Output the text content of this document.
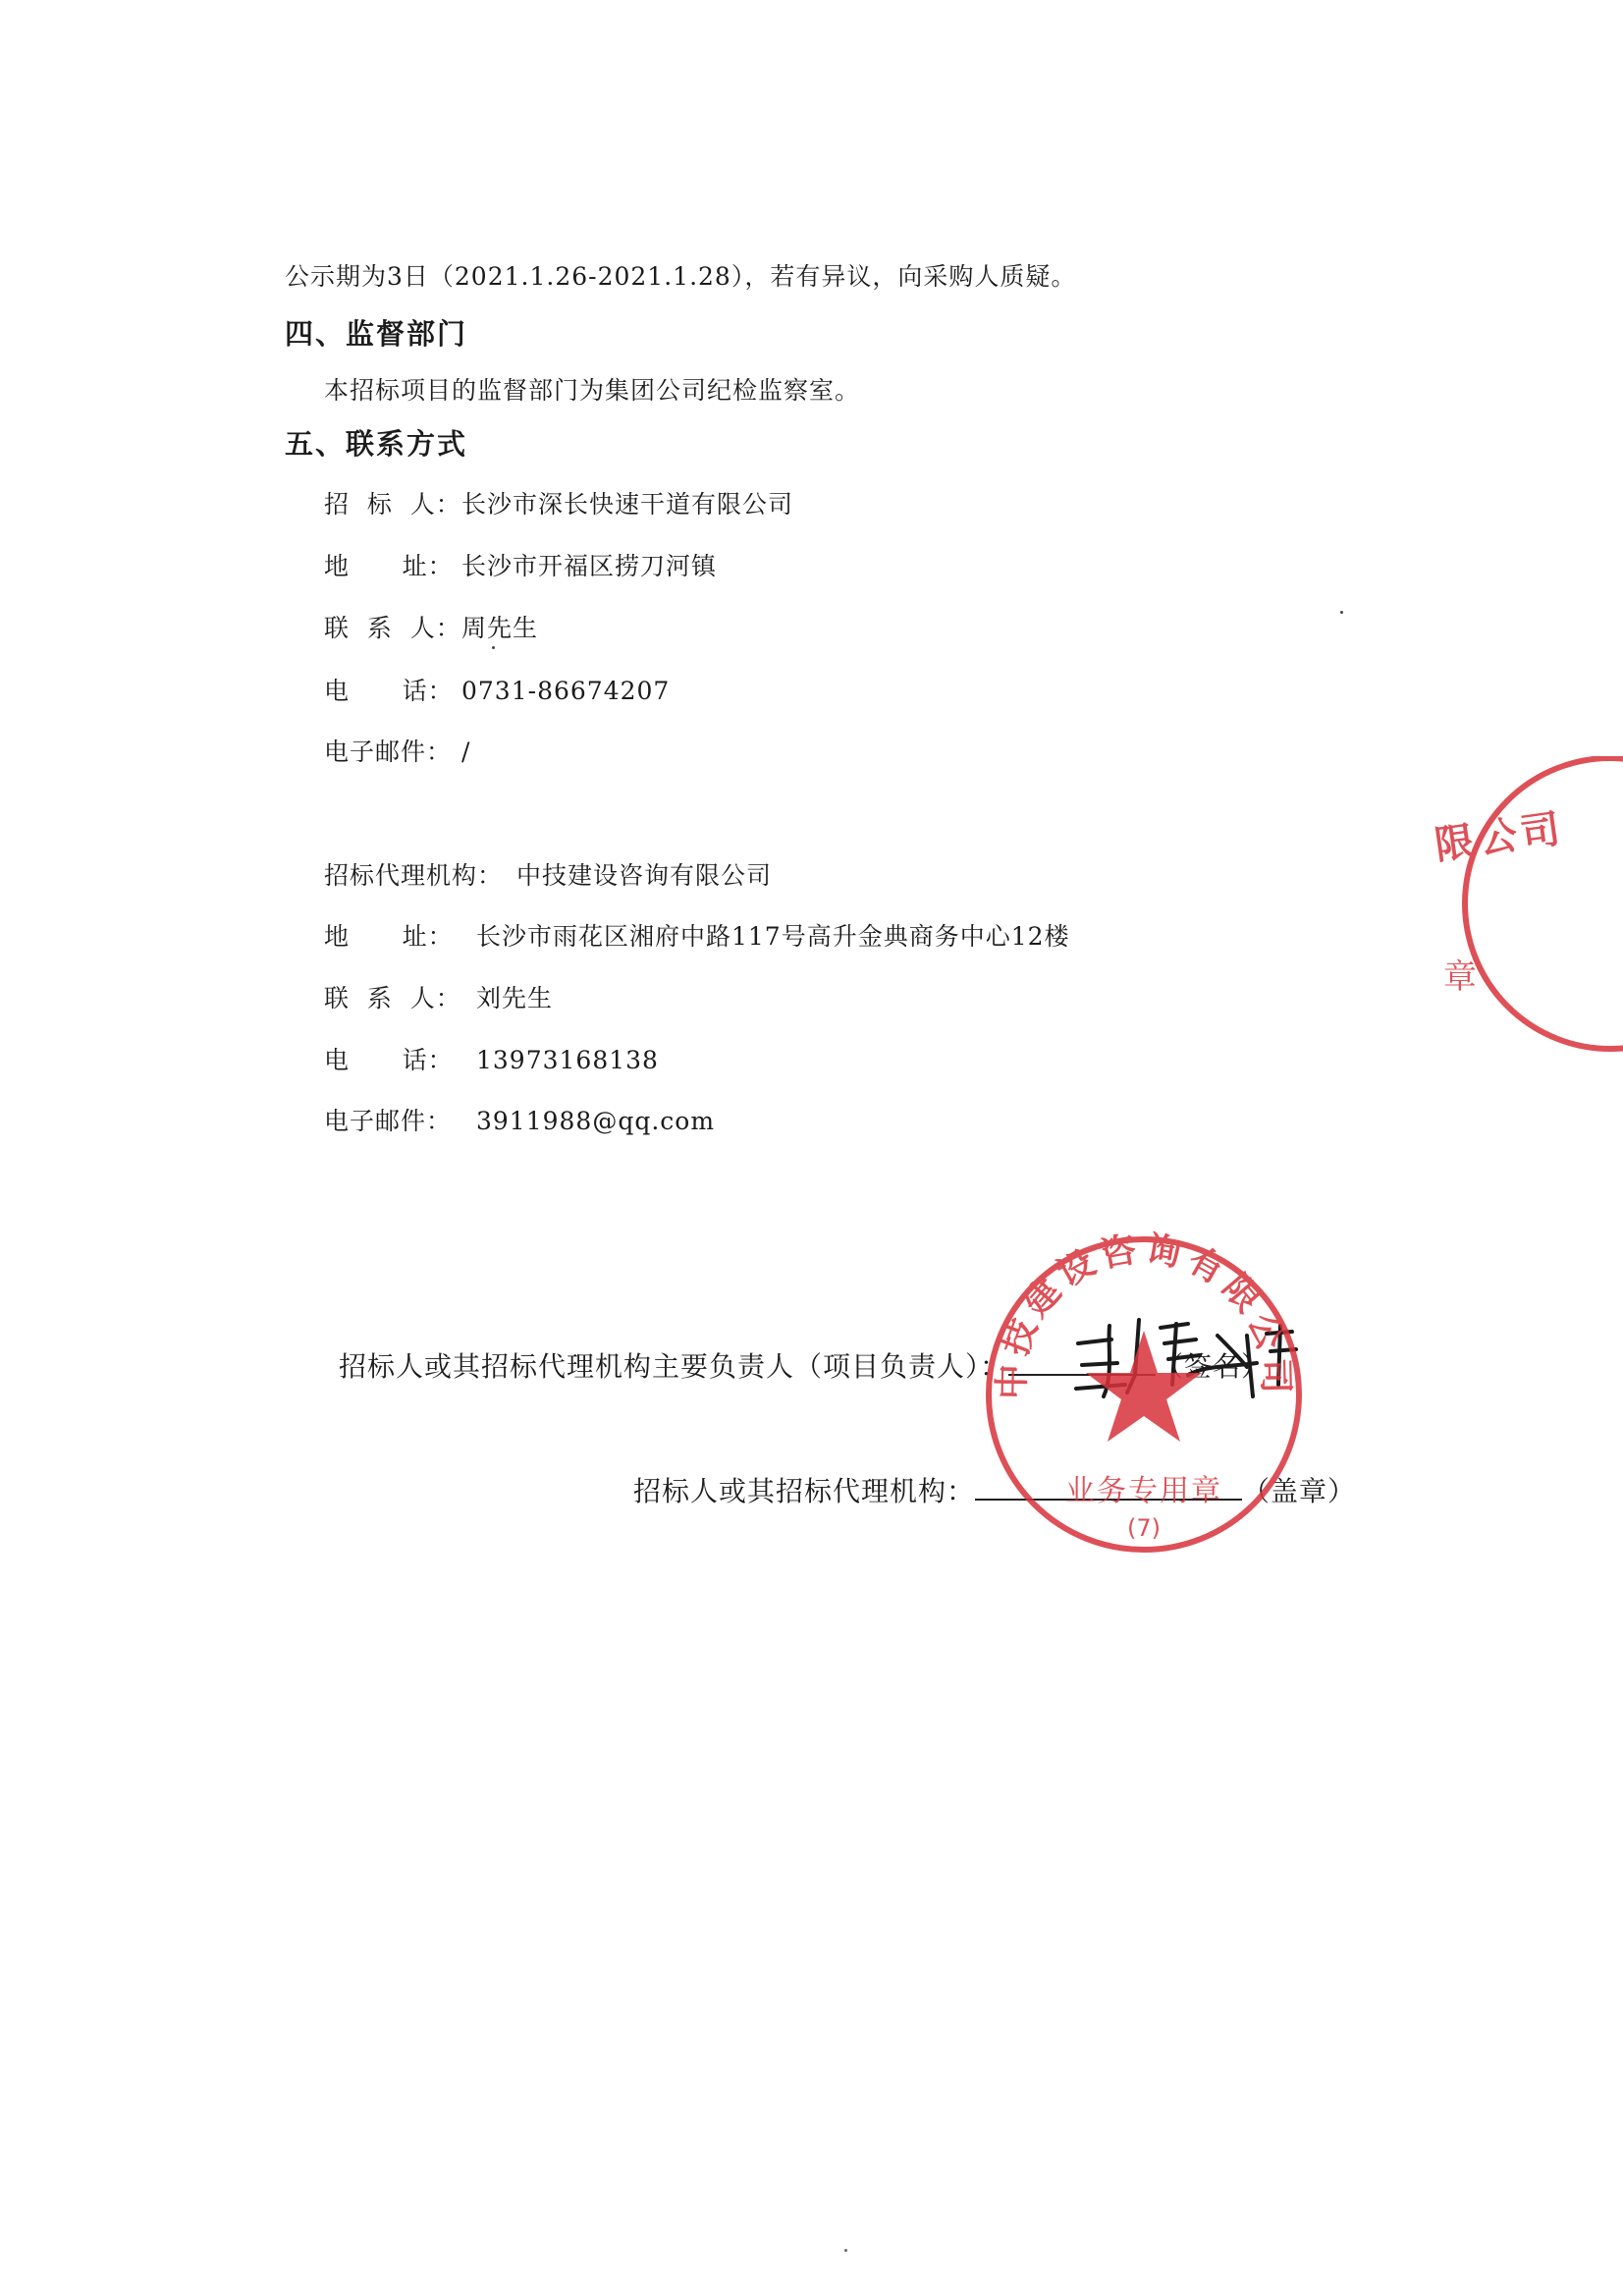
公示期为3日（2021.1.26-2021.1.28），若有异议，向采购人质疑。
四、监督部门
本招标项目的监督部门为集团公司纪检监察室。
五、联系方式
招  标  人：长沙市深长快速干道有限公司
地      址： 长沙市开福区捞刀河镇
联  系  人：周先生
电      话： 0731-86674207
电子邮件： /
招标代理机构： 中技建设咨询有限公司
地      址： 长沙市雨花区湘府中路117号高升金典商务中心12楼
联  系  人： 刘先生
电      话： 13973168138
电子邮件： 3911988@qq.com
招标人或其招标代理机构主要负责人（项目负责人）：	（签名）
招标人或其招标代理机构：	（盖章）
中技建设咨询有限公司
业务专用章
(7)
限公司
章
